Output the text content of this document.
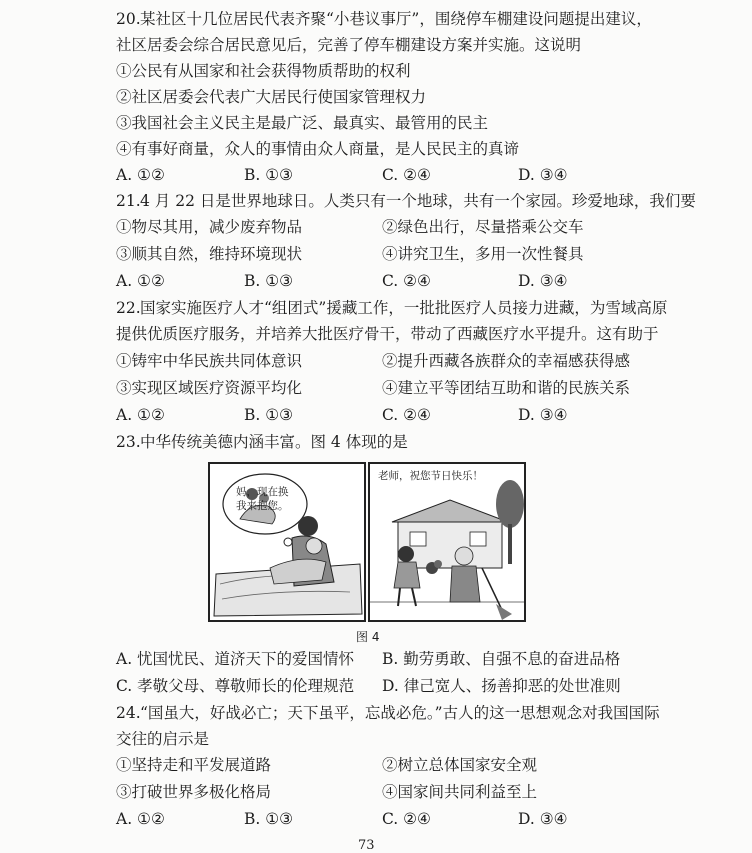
20. 某社区十几位居民代表齐聚“小巷议事厅”，围绕停车棚建设问题提出建议，
社区居委会综合居民意见后，完善了停车棚建设方案并实施。这说明
①公民有从国家和社会获得物质帮助的权利
②社区居委会代表广大居民行使国家管理权力
③我国社会主义民主是最广泛、最真实、最管用的民主
④有事好商量，众人的事情由众人商量，是人民民主的真谛
A. ①②	B. ①③	C. ②④	D. ③④
21. 4 月 22 日是世界地球日。人类只有一个地球，共有一个家园。珍爱地球，我们要
①物尽其用，减少废弃物品	②绿色出行，尽量搭乘公交车
③顺其自然，维持环境现状	④讲究卫生，多用一次性餐具
A. ①②	B. ①③	C. ②④	D. ③④
22. 国家实施医疗人才“组团式”援藏工作，一批批医疗人员接力进藏，为雪域高原
提供优质医疗服务，并培养大批医疗骨干，带动了西藏医疗水平提升。这有助于
①铸牢中华民族共同体意识	②提升西藏各族群众的幸福感获得感
③实现区域医疗资源平均化	④建立平等团结互助和谐的民族关系
A. ①②	B. ①③	C. ②④	D. ③④
23. 中华传统美德内涵丰富。图 4 体现的是
妈，现在换
我来抱您。
老师，祝您节日快乐！
图 4
A. 忧国忧民、道济天下的爱国情怀 B. 勤劳勇敢、自强不息的奋进品格
C. 孝敬父母、尊敬师长的伦理规范 D. 律己宽人、扬善抑恶的处世准则
24. “国虽大，好战必亡；天下虽平，忘战必危。”古人的这一思想观念对我国国际
交往的启示是
①坚持走和平发展道路	②树立总体国家安全观
③打破世界多极化格局	④国家间共同利益至上
A. ①②	B. ①③	C. ②④	D. ③④
73
